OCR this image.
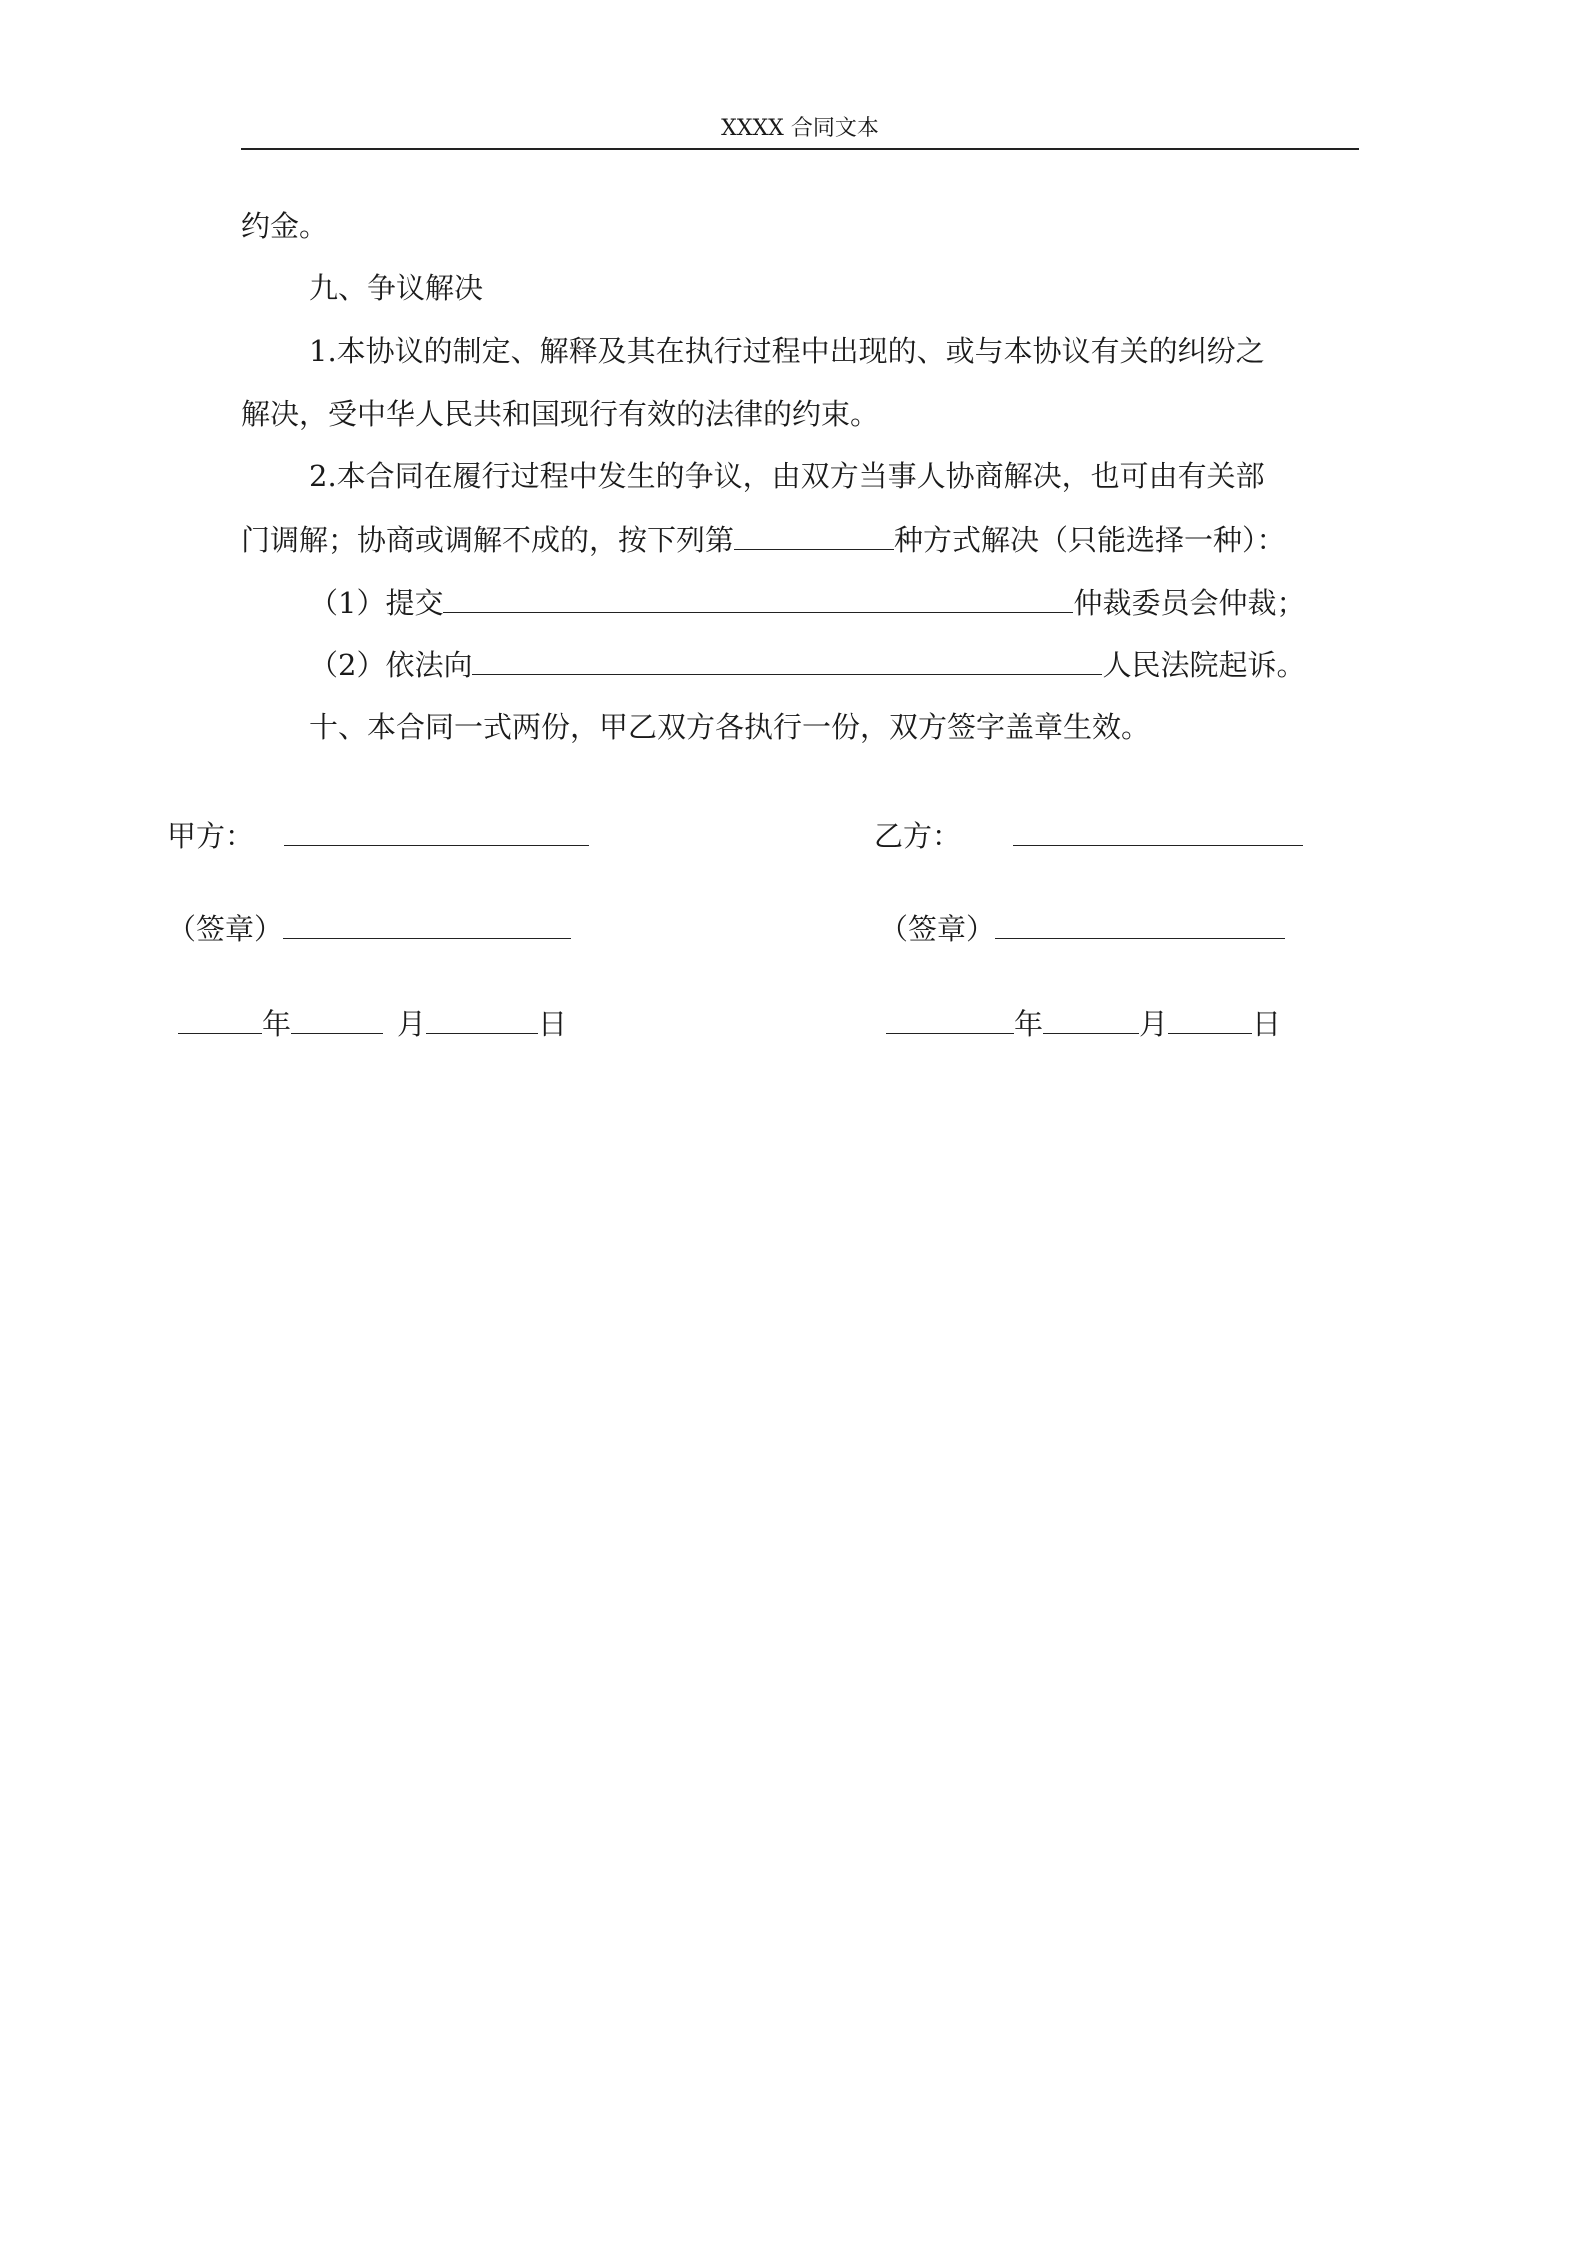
XXXX 合同文本
约金。
九、争议解决
1.本协议的制定、解释及其在执行过程中出现的、或与本协议有关的纠纷之
解决，受中华人民共和国现行有效的法律的约束。
2.本合同在履行过程中发生的争议，由双方当事人协商解决，也可由有关部
门调解；协商或调解不成的，按下列第	种方式解决（只能选择一种）：
（1）提交	仲裁委员会仲裁；
（2）依法向	人民法院起诉。
十、本合同一式两份，甲乙双方各执行一份，双方签字盖章生效。
甲方：
（签章）
年	月	日
乙方：
（签章）
年	月	日
